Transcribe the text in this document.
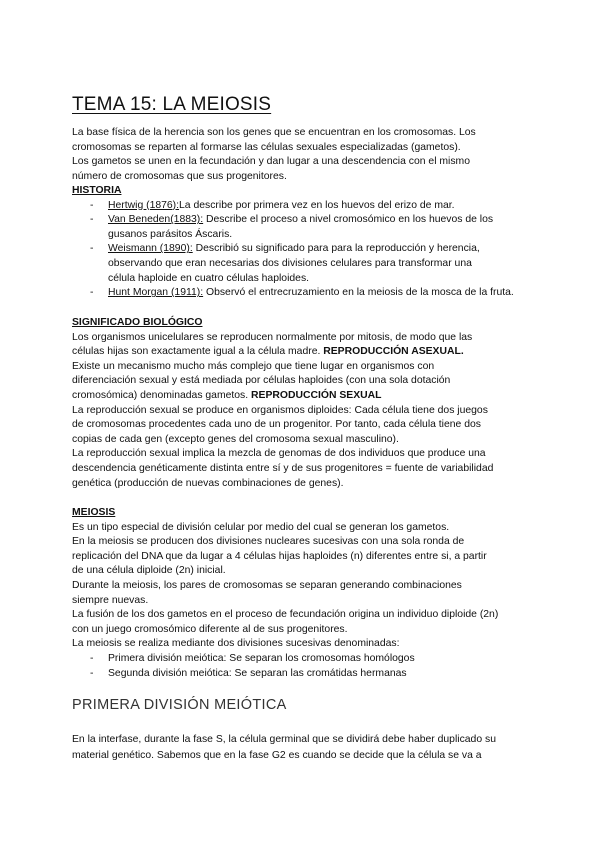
TEMA 15: LA MEIOSIS

La base física de la herencia son los genes que se encuentran en los cromosomas. Los

cromosomas se reparten al formarse las células sexuales especializadas (gametos).

Los gametos se unen en la fecundación y dan lugar a una descendencia con el mismo

número de cromosomas que sus progenitores.

HISTORIA

- Hertwig (1876):La describe por primera vez en los huevos del erizo de mar.
- Van Beneden(1883): Describe el proceso a nivel cromosómico en los huevos de los
gusanos parásitos Áscaris.
- Weismann (1890): Describió su significado para para la reproducción y herencia,
observando que eran necesarias dos divisiones celulares para transformar una
célula haploide en cuatro células haploides.
- Hunt Morgan (1911): Observó el entrecruzamiento en la meiosis de la mosca de la fruta.

SIGNIFICADO BIOLÓGICO

Los organismos unicelulares se reproducen normalmente por mitosis, de modo que las

células hijas son exactamente igual a la célula madre. REPRODUCCIÓN ASEXUAL.

Existe un mecanismo mucho más complejo que tiene lugar en organismos con

diferenciación sexual y está mediada por células haploides (con una sola dotación

cromosómica) denominadas gametos. REPRODUCCIÓN SEXUAL

La reproducción sexual se produce en organismos diploides: Cada célula tiene dos juegos

de cromosomas procedentes cada uno de un progenitor. Por tanto, cada célula tiene dos

copias de cada gen (excepto genes del cromosoma sexual masculino).

La reproducción sexual implica la mezcla de genomas de dos individuos que produce una

descendencia genéticamente distinta entre sí y de sus progenitores = fuente de variabilidad

genética (producción de nuevas combinaciones de genes).

MEIOSIS

Es un tipo especial de división celular por medio del cual se generan los gametos.

En la meiosis se producen dos divisiones nucleares sucesivas con una sola ronda de

replicación del DNA que da lugar a 4 células hijas haploides (n) diferentes entre si, a partir

de una célula diploide (2n) inicial.

Durante la meiosis, los pares de cromosomas se separan generando combinaciones

siempre nuevas.

La fusión de los dos gametos en el proceso de fecundación origina un individuo diploide (2n)

con un juego cromosómico diferente al de sus progenitores.

La meiosis se realiza mediante dos divisiones sucesivas denominadas:

- Primera división meiótica: Se separan los cromosomas homólogos
- Segunda división meiótica: Se separan las cromátidas hermanas
PRIMERA DIVISIÓN MEIÓTICA

En la interfase, durante la fase S, la célula germinal que se dividirá debe haber duplicado su

material genético. Sabemos que en la fase G2 es cuando se decide que la célula se va a
